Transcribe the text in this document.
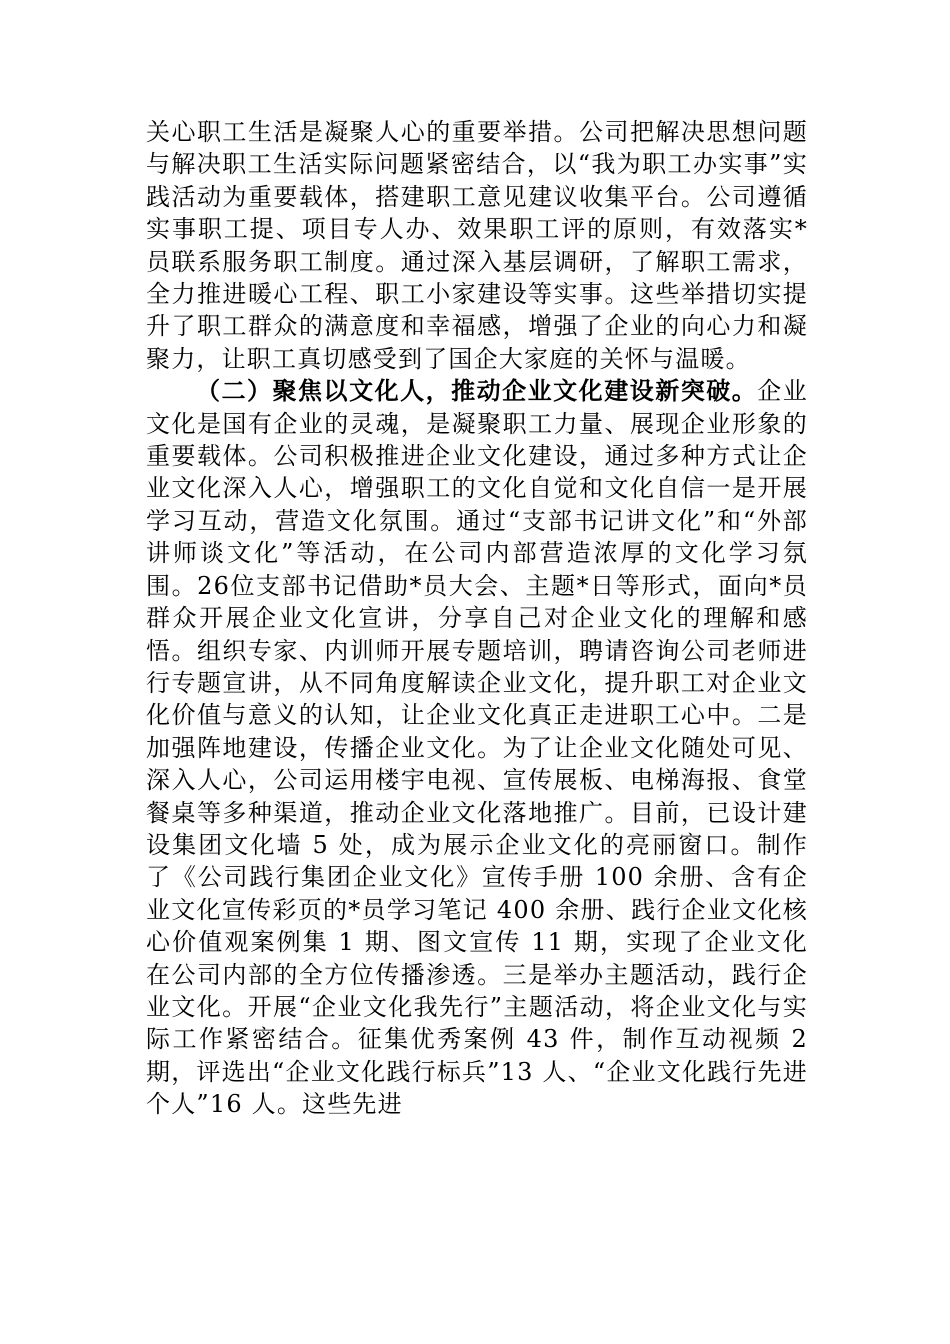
关心职工生活是凝聚人心的重要举措。公司把解决思想问题与解决职工生活实际问题紧密结合，以“我为职工办实事”实践活动为重要载体，搭建职工意见建议收集平台。公司遵循实事职工提、项目专人办、效果职工评的原则，有效落实*员联系服务职工制度。通过深入基层调研，了解职工需求，全力推进暖心工程、职工小家建设等实事。这些举措切实提升了职工群众的满意度和幸福感，增强了企业的向心力和凝聚力，让职工真切感受到了国企大家庭的关怀与温暖。

（二）聚焦以文化人，推动企业文化建设新突破。企业文化是国有企业的灵魂，是凝聚职工力量、展现企业形象的重要载体。公司积极推进企业文化建设，通过多种方式让企业文化深入人心，增强职工的文化自觉和文化自信一是开展学习互动，营造文化氛围。通过“支部书记讲文化”和“外部讲师谈文化”等活动，在公司内部营造浓厚的文化学习氛围。26位支部书记借助*员大会、主题*日等形式，面向*员群众开展企业文化宣讲，分享自己对企业文化的理解和感悟。组织专家、内训师开展专题培训，聘请咨询公司老师进行专题宣讲，从不同角度解读企业文化，提升职工对企业文化价值与意义的认知，让企业文化真正走进职工心中。二是加强阵地建设，传播企业文化。为了让企业文化随处可见、深入人心，公司运用楼宇电视、宣传展板、电梯海报、食堂餐桌等多种渠道，推动企业文化落地推广。目前，已设计建设集团文化墙 5 处，成为展示企业文化的亮丽窗口。制作了《公司践行集团企业文化》宣传手册 100 余册、含有企业文化宣传彩页的*员学习笔记 400 余册、践行企业文化核心价值观案例集 1 期、图文宣传 11 期，实现了企业文化在公司内部的全方位传播渗透。三是举办主题活动，践行企业文化。开展“企业文化我先行”主题活动，将企业文化与实际工作紧密结合。征集优秀案例 43 件，制作互动视频 2 期，评选出“企业文化践行标兵”13 人、“企业文化践行先进个人”16 人。这些先进
